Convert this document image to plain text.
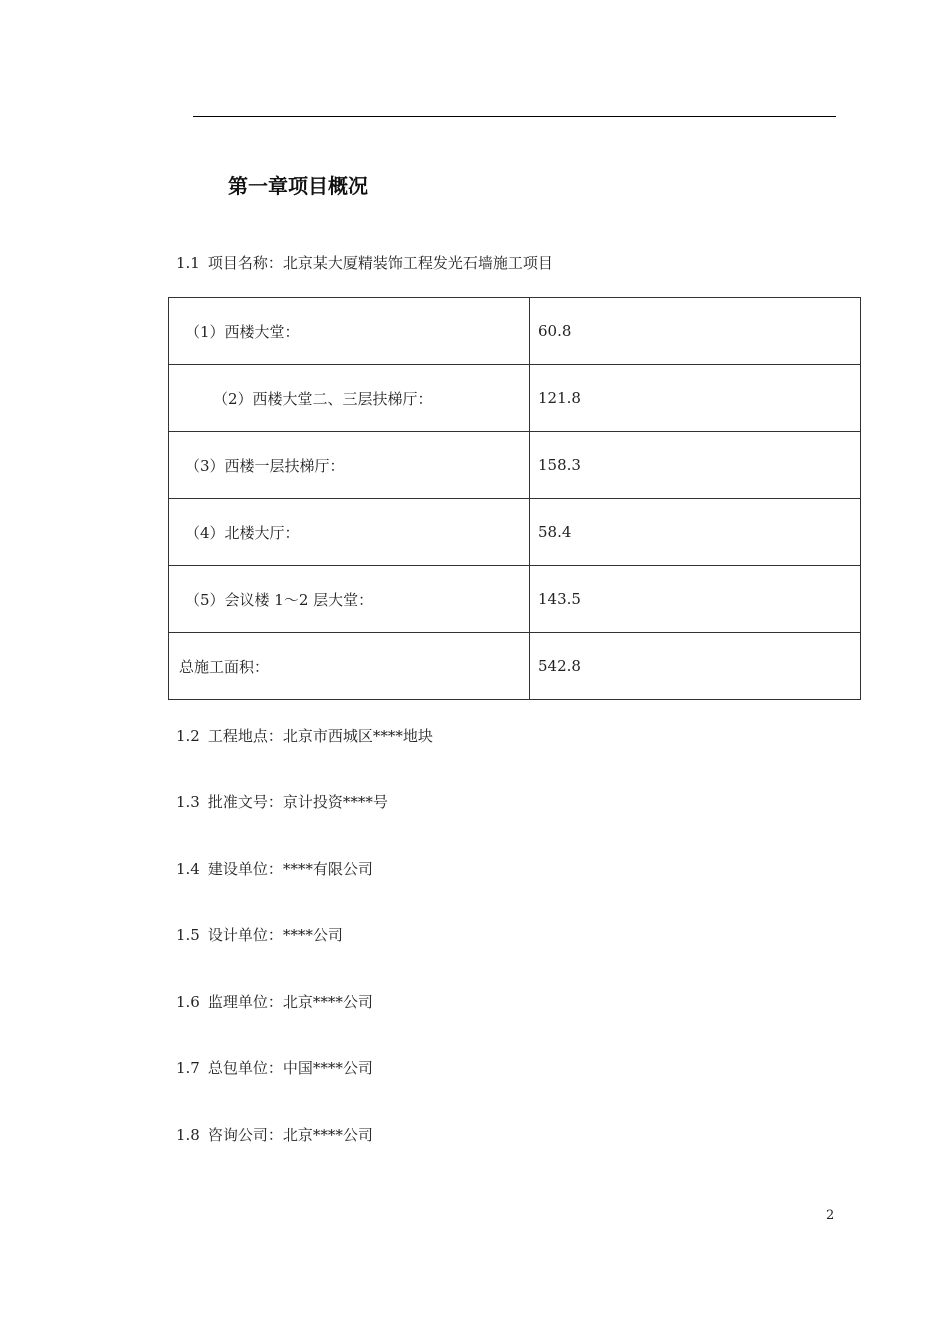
第一章项目概况
1.1 项目名称：北京某大厦精装饰工程发光石墙施工项目
（1）西楼大堂：	60.8
（2）西楼大堂二、三层扶梯厅：	121.8
（3）西楼一层扶梯厅：	158.3
（4）北楼大厅：	58.4
（5）会议楼 1～2 层大堂：	143.5
总施工面积：	542.8
1.2 工程地点：北京市西城区****地块
1.3 批准文号：京计投资****号
1.4 建设单位：****有限公司
1.5 设计单位：****公司
1.6 监理单位：北京****公司
1.7 总包单位：中国****公司
1.8 咨询公司：北京****公司
2
